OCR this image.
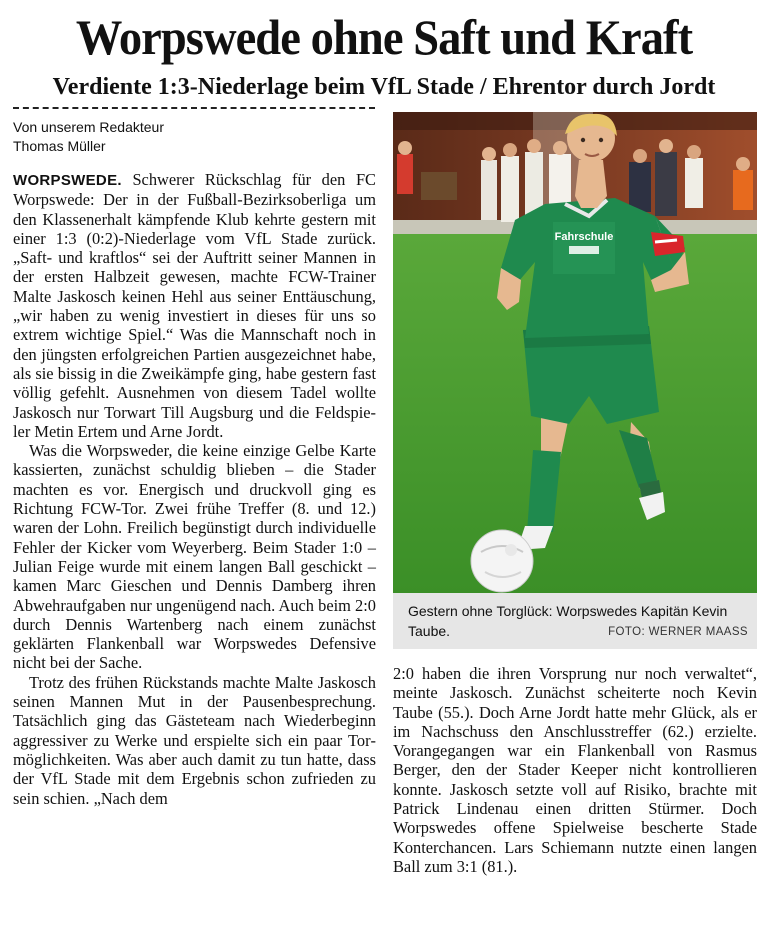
Worpswede ohne Saft und Kraft
Verdiente 1:3-Niederlage beim VfL Stade / Ehrentor durch Jordt
Von unserem Redakteur
Thomas Müller

WORPSWEDE. Schwerer Rückschlag für den FC Worpswede: Der in der Fußball-Bezirksoberliga um den Klassenerhalt kämpfende Klub kehrte gestern mit einer 1:3 (0:2)-Niederlage vom VfL Stade zurück. „Saft- und kraftlos“ sei der Auftritt seiner Mannen in der ersten Halbzeit gewesen, machte FCW-Trainer Malte Jaskosch keinen Hehl aus seiner Enttäuschung, „wir haben zu wenig investiert in dieses für uns so extrem wichtige Spiel.“ Was die Mannschaft noch in den jüngsten erfolgreichen Partien ausgezeichnet habe, als sie bissig in die Zweikämpfe ging, habe gestern fast völlig gefehlt. Ausnehmen von diesem Tadel wollte Jaskosch nur Torwart Till Augsburg und die Feldspieler Metin Ertem und Arne Jordt.

Was die Worpsweder, die keine einzige Gelbe Karte kassierten, zunächst schuldig blieben – die Stader machten es vor. Energisch und druckvoll ging es Richtung FCW-Tor. Zwei frühe Treffer (8. und 12.) waren der Lohn. Freilich begünstigt durch individuelle Fehler der Kicker vom Weyerberg. Beim Stader 1:0 – Julian Feige wurde mit einem langen Ball geschickt – kamen Marc Gieschen und Dennis Damberg ihren Abwehraufgaben nur ungenügend nach. Auch beim 2:0 durch Dennis Wartenberg nach einem zunächst geklärten Flankenball war Worpswedes Defensive nicht bei der Sache.

Trotz des frühen Rückstands machte Malte Jaskosch seinen Mannen Mut in der Pausenbesprechung. Tatsächlich ging das Gästeteam nach Wiederbeginn aggressiver zu Werke und erspielte sich ein paar Tormöglichkeiten. Was aber auch damit zu tun hatte, dass der VfL Stade mit dem Ergebnis schon zufrieden zu sein schien. „Nach dem

Fahrschule
Gestern ohne Torglück: Worpswedes Kapitän Kevin Taube.	FOTO: WERNER MAASS

2:0 haben die ihren Vorsprung nur noch verwaltet“, meinte Jaskosch. Zunächst scheiterte noch Kevin Taube (55.). Doch Arne Jordt hatte mehr Glück, als er im Nachschuss den Anschlusstreffer (62.) erzielte. Vorangegangen war ein Flankenball von Rasmus Berger, den der Stader Keeper nicht kontrollieren konnte. Jaskosch setzte voll auf Risiko, brachte mit Patrick Lindenau einen dritten Stürmer. Doch Worpswedes offene Spielweise bescherte Stade Konterchancen. Lars Schiemann nutzte einen langen Ball zum 3:1 (81.).
